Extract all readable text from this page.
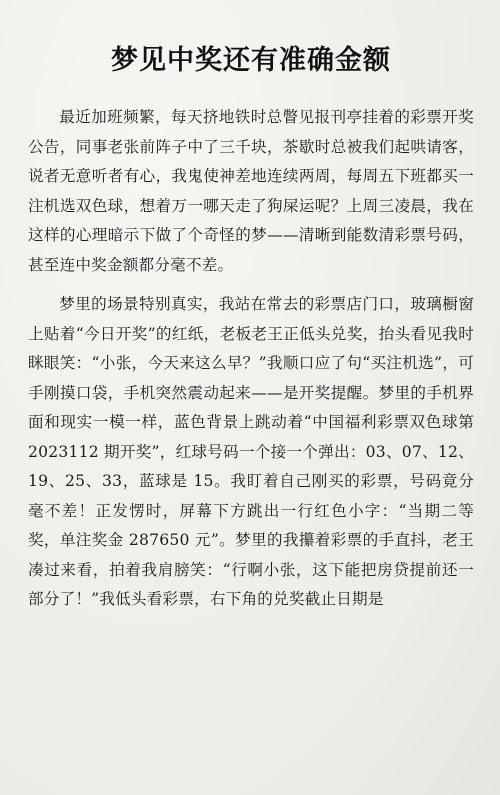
梦见中奖还有准确金额

最近加班频繁，每天挤地铁时总瞥见报刊亭挂着的彩票开奖公告，同事老张前阵子中了三千块，茶歇时总被我们起哄请客，说者无意听者有心，我鬼使神差地连续两周，每周五下班都买一注机选双色球，想着万一哪天走了狗屎运呢？上周三凌晨，我在这样的心理暗示下做了个奇怪的梦——清晰到能数清彩票号码，甚至连中奖金额都分毫不差。

梦里的场景特别真实，我站在常去的彩票店门口，玻璃橱窗上贴着“今日开奖”的红纸，老板老王正低头兑奖，抬头看见我时眯眼笑：“小张，今天来这么早？”我顺口应了句“买注机选”，可手刚摸口袋，手机突然震动起来——是开奖提醒。梦里的手机界面和现实一模一样，蓝色背景上跳动着“中国福利彩票双色球第 2023112 期开奖”，红球号码一个接一个弹出：03、07、12、19、25、33，蓝球是 15。我盯着自己刚买的彩票，号码竟分毫不差！正发愣时，屏幕下方跳出一行红色小字：“当期二等奖，单注奖金 287650 元”。梦里的我攥着彩票的手直抖，老王凑过来看，拍着我肩膀笑：“行啊小张，这下能把房贷提前还一部分了！”我低头看彩票，右下角的兑奖截止日期是
